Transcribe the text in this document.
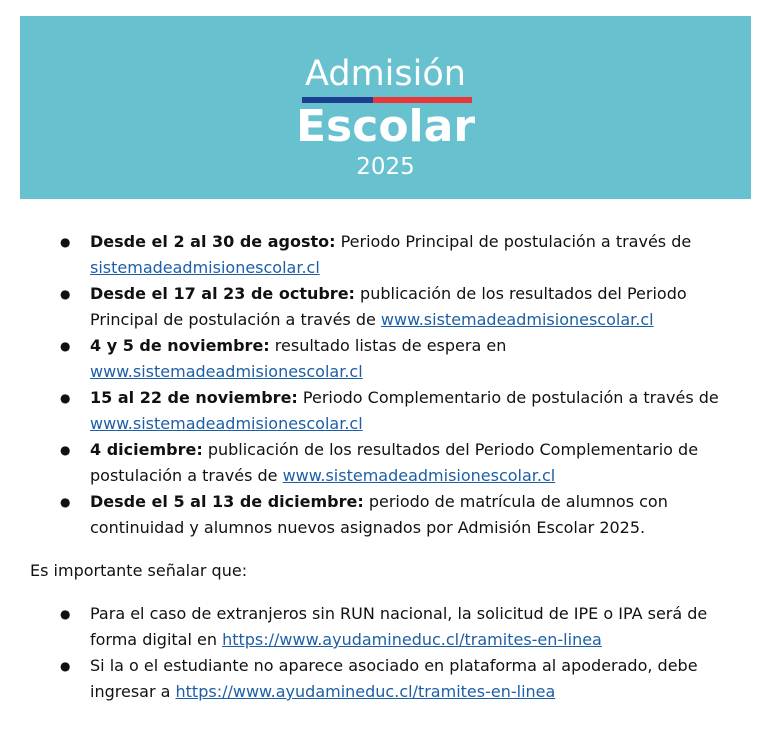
Admisión
Escolar
2025
● Desde el 2 al 30 de agosto: Periodo Principal de postulación a través de sistemadeadmisionescolar.cl
● Desde el 17 al 23 de octubre: publicación de los resultados del Periodo Principal de postulación a través de www.sistemadeadmisionescolar.cl
● 4 y 5 de noviembre: resultado listas de espera en www.sistemadeadmisionescolar.cl
● 15 al 22 de noviembre: Periodo Complementario de postulación a través de www.sistemadeadmisionescolar.cl
● 4 diciembre: publicación de los resultados del Periodo Complementario de postulación a través de www.sistemadeadmisionescolar.cl
● Desde el 5 al 13 de diciembre: periodo de matrícula de alumnos con continuidad y alumnos nuevos asignados por Admisión Escolar 2025.
Es importante señalar que:
● Para el caso de extranjeros sin RUN nacional, la solicitud de IPE o IPA será de forma digital en https://www.ayudamineduc.cl/tramites-en-linea
● Si la o el estudiante no aparece asociado en plataforma al apoderado, debe ingresar a https://www.ayudamineduc.cl/tramites-en-linea
